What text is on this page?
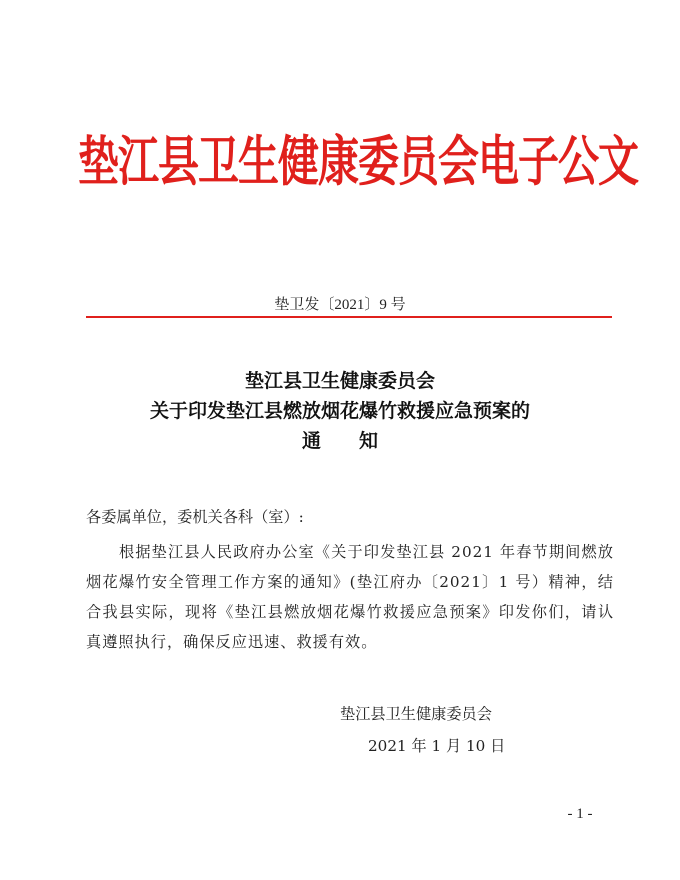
垫江县卫生健康委员会电子公文
垫卫发〔2021〕9 号
垫江县卫生健康委员会
关于印发垫江县燃放烟花爆竹救援应急预案的
通　　知
各委属单位，委机关各科（室）:
根据垫江县人民政府办公室《关于印发垫江县 2021 年春节期间燃放烟花爆竹安全管理工作方案的通知》(垫江府办〔2021〕1 号）精神，结合我县实际，现将《垫江县燃放烟花爆竹救援应急预案》印发你们，请认真遵照执行，确保反应迅速、救援有效。
垫江县卫生健康委员会
2021 年 1 月 10 日
- 1 -
